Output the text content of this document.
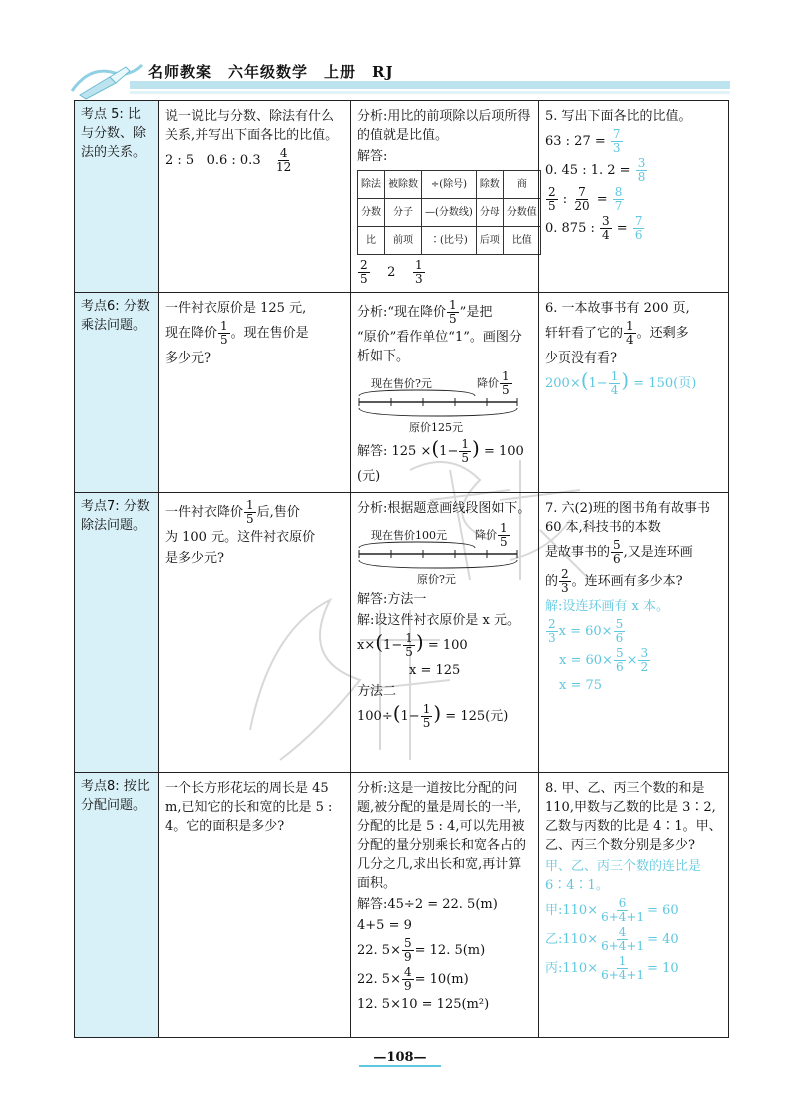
名师教案　六年级数学　上册　RJ
考点 5: 比与分数、除法的关系。	
说一说比与分数、除法有什么关系,并写出下面各比的比值。
2 : 5 0.6 : $0.3 \frac{4}{12}$

分析:用比的前项除以后项所得的值就是比值。
解答:
除法	被除数	÷(除号)	除数	商
分数	分子	—(分数线)	分母	分数值
比	前项	∶(比号)	后项	比值
$\frac{2}{5} 2 \frac{1}{3}$

5. 写出下面各比的比值。
63 : $27 = \frac{7}{3}$
0. 45 : 1. $2 = \frac{3}{8}$
$\frac{2}{5}$ : $\frac{7}{20} = \frac{8}{7}$
0. 875 : $\frac{3}{4} = \frac{7}{6}$

考点6: 分数乘法问题。	
一件衬衣原价是 125 元,
现在降价 $\frac{1}{5}$ 。现在售价是
多少元?

分析:“现在降价 $\frac{1}{5}$ ”是把
“原价”看作单位“1”。画图分析如下。
现在售价?元	降价 $\frac{1}{5}$
原价125元
解答: $125 \times(1- \frac{1}{5}$ ) = 100
(元)

6. 一本故事书有 200 页,
轩轩看了它的 $\frac{1}{4}$ 。还剩多
少页没有看?
$200\times(1- \frac{1}{4}$ ) = 150(页)

考点7: 分数除法问题。	
一件衬衣降价 $\frac{1}{5}$ 后,售价
为 100 元。这件衬衣原价
是多少元?

分析:根据题意画线段图如下。
现在售价100元	降价 $\frac{1}{5}$
原价?元
解答:方法一
解:设这件衬衣原价是 x 元。
$x\times(1- \frac{1}{5}$ ) = 100
x = 125
方法二
$100\div(1- \frac{1}{5}$ ) = 125(元)

7. 六(2)班的图书角有故事书 60 本,科技书的本数
是故事书的 $\frac{5}{6}$ ,又是连环画
的 $\frac{2}{3}$ 。连环画有多少本?
解:设连环画有 x 本。
$\frac{2}{3}$ $x = 60\times \frac{5}{6}$
$x = 60\times \frac{5}{6} \times \frac{3}{2}$
x = 75

考点8: 按比分配问题。	
一个长方形花坛的周长是 45 m,已知它的长和宽的比是 5 : 4。它的面积是多少?

分析:这是一道按比分配的问题,被分配的量是周长的一半,分配的比是 5 : 4,可以先用被分配的量分别乘长和宽各占的几分之几,求出长和宽,再计算面积。
解答:45÷2 = 22. 5(m)
4+5 = 9
22. $5\times \frac{5}{9} = 12$. 5(m)
22. $5\times \frac{4}{9} = 10(m)$
12. 5×10 = 125(m²)

8. 甲、乙、丙三个数的和是 110,甲数与乙数的比是 3∶2,乙数与丙数的比是 4∶1。甲、乙、丙三个数分别是多少?
甲、乙、丙三个数的连比是 6∶4∶1。
甲:110× $\frac{6}{6+4+1} = 60$
乙:110× $\frac{4}{6+4+1} = 40$
丙:110× $\frac{1}{6+4+1} = 10$
—108—
